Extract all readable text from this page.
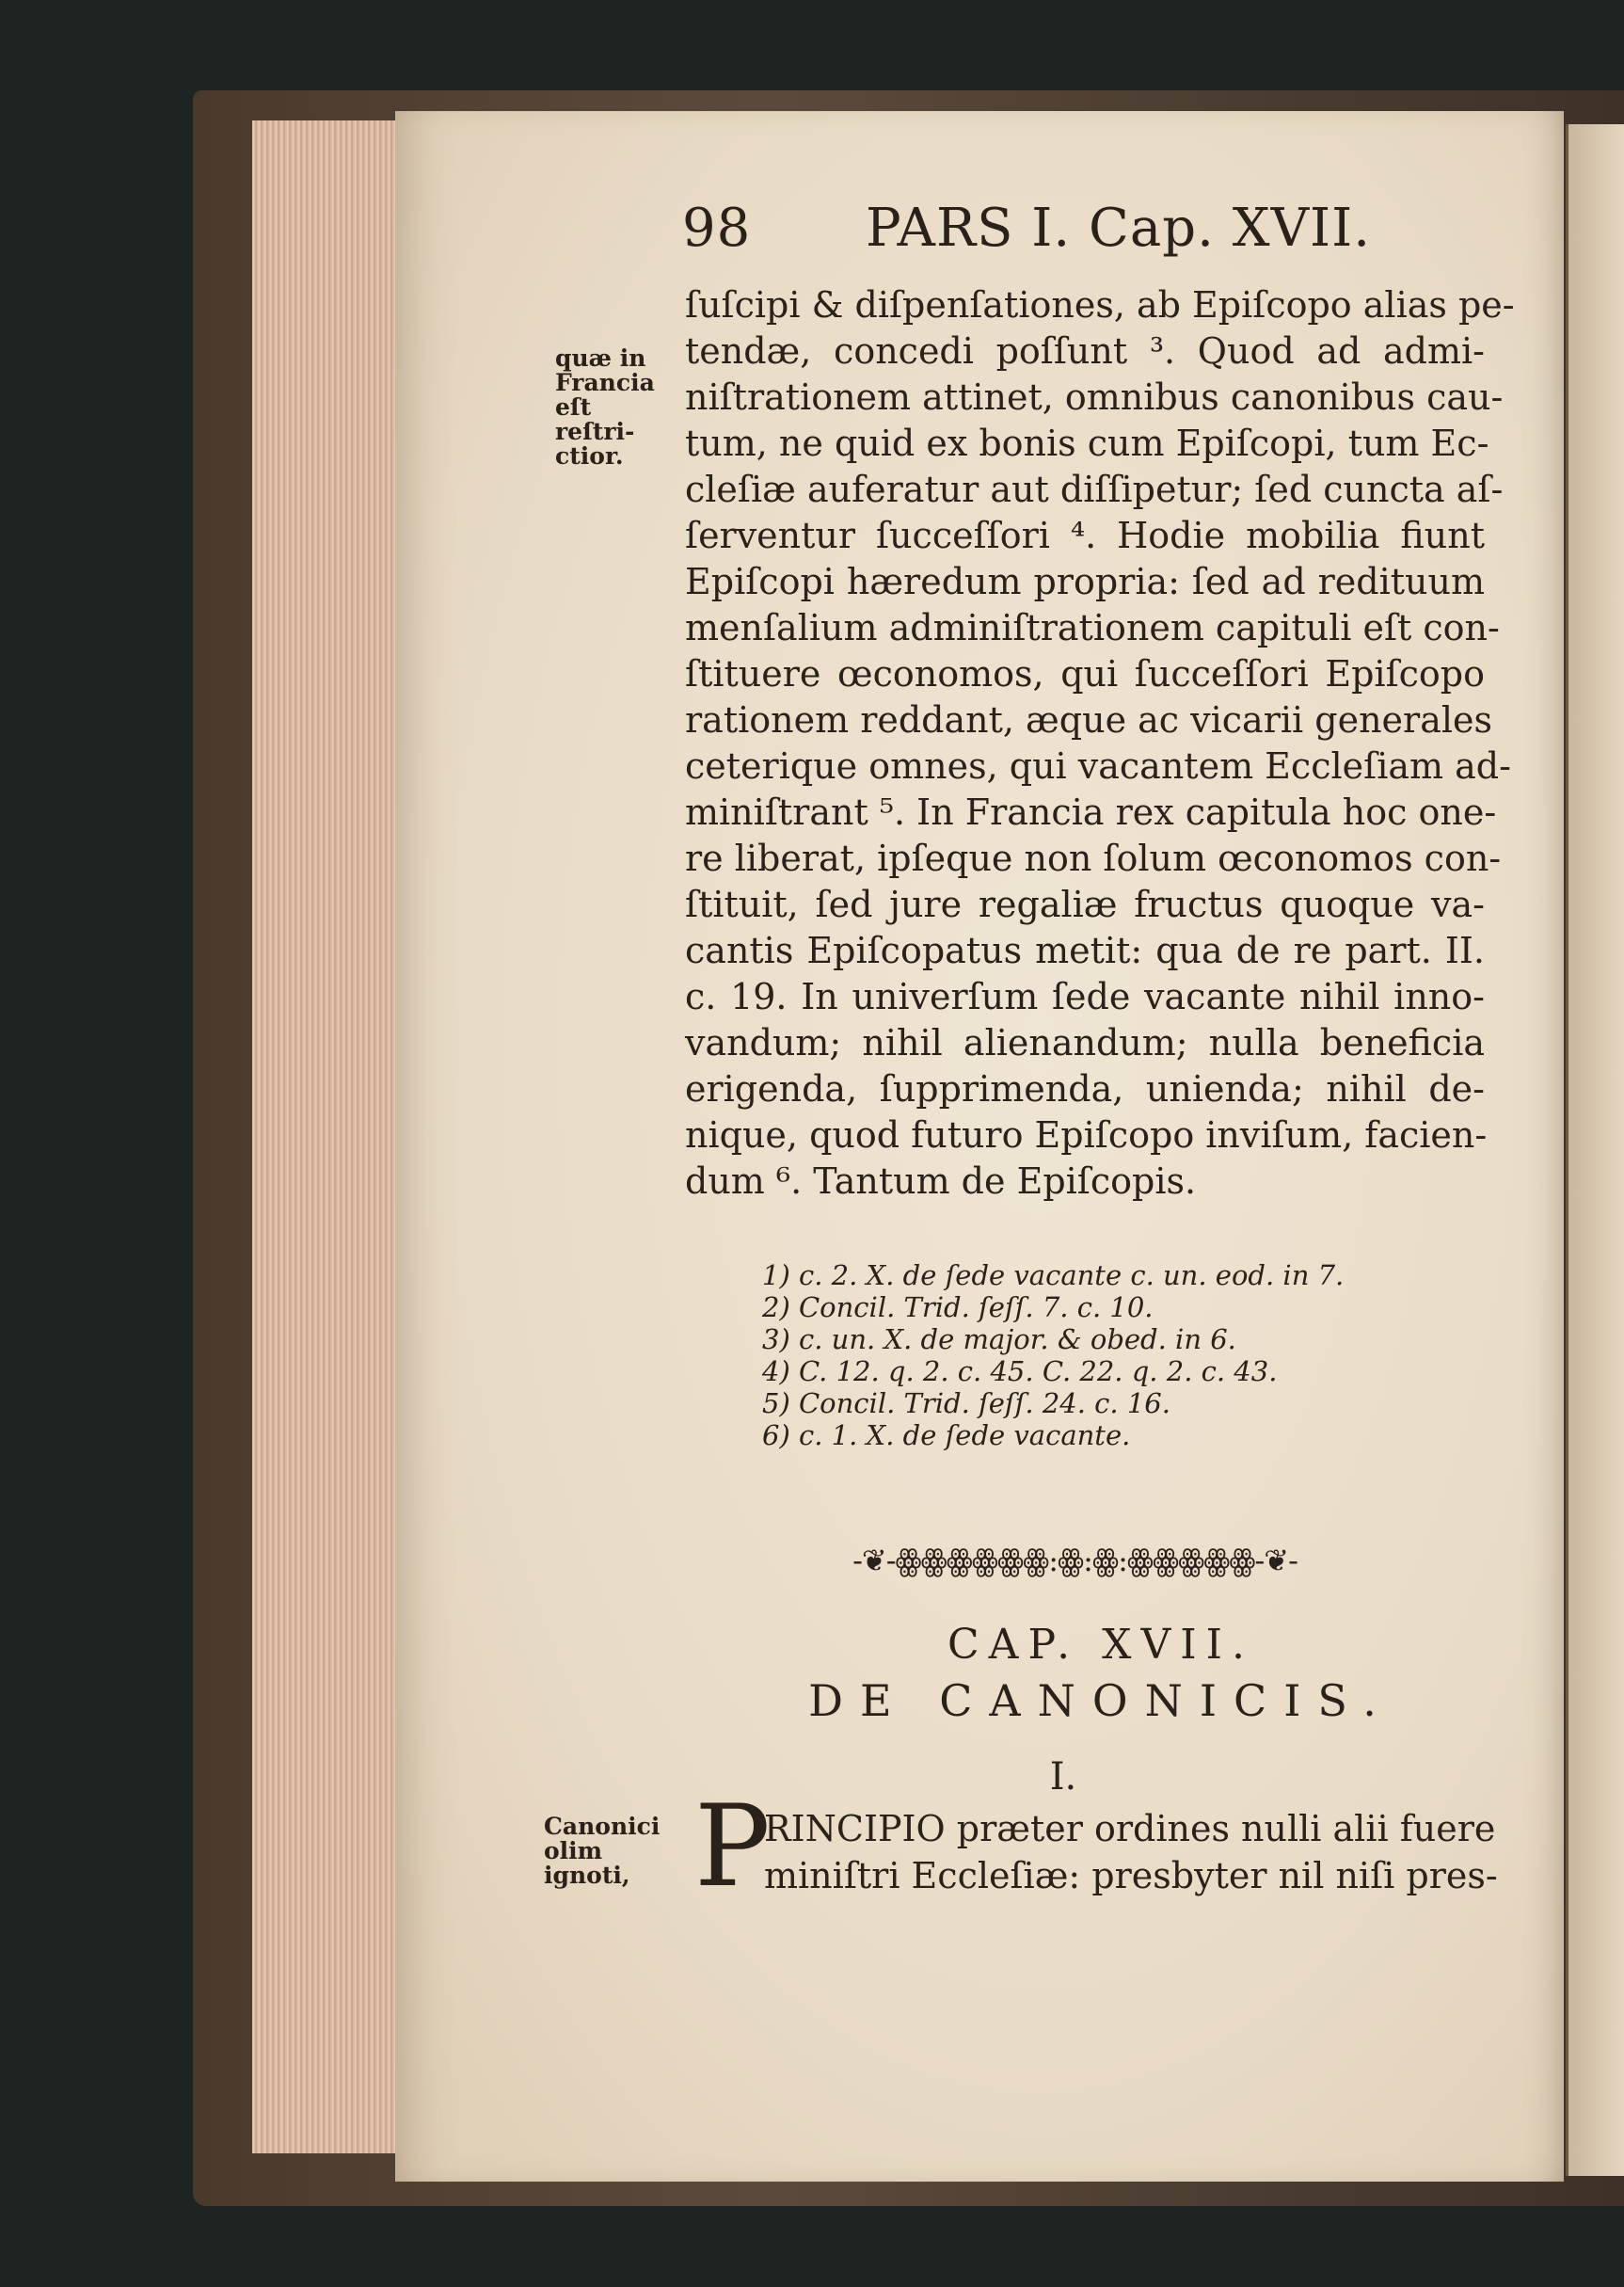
98 PARS I. Cap. XVII.
quæ in
Francia
eſt reſtri-
ctior.
ſuſcipi & diſpenſationes, ab Epiſcopo alias pe-
tendæ, concedi poſſunt ³. Quod ad admi-
niſtrationem attinet, omnibus canonibus cau-
tum, ne quid ex bonis cum Epiſcopi, tum Ec-
cleſiæ auferatur aut diſſipetur; ſed cuncta aſ-
ſerventur ſucceſſori ⁴. Hodie mobilia fiunt
Epiſcopi hæredum propria: ſed ad redituum
menſalium adminiſtrationem capituli eſt con-
ſtituere œconomos, qui ſucceſſori Epiſcopo
rationem reddant, æque ac vicarii generales
ceterique omnes, qui vacantem Eccleſiam ad-
miniſtrant ⁵. In Francia rex capitula hoc one-
re liberat, ipſeque non ſolum œconomos con-
ſtituit, ſed jure regaliæ fructus quoque va-
cantis Epiſcopatus metit: qua de re part. II.
c. 19. In univerſum ſede vacante nihil inno-
vandum; nihil alienandum; nulla beneficia
erigenda, ſupprimenda, unienda; nihil de-
nique, quod futuro Epiſcopo inviſum, facien-
dum ⁶. Tantum de Epiſcopis.
1) c. 2. X. de ſede vacante c. un. eod. in 7.
2) Concil. Trid. ſeſſ. 7. c. 10.
3) c. un. X. de major. & obed. in 6.
4) C. 12. q. 2. c. 45. C. 22. q. 2. c. 43.
5) Concil. Trid. ſeſſ. 24. c. 16.
6) c. 1. X. de ſede vacante.
-❦-ꙮꙮꙮꙮꙮꙮ:ꙮ:ꙮ:ꙮꙮꙮꙮꙮ-❦-
CAP. XVII.
DE CANONICIS.
I.
Canonici
olim
ignoti, P
RINCIPIO præter ordines nulli alii fuere
miniſtri Eccleſiæ: presbyter nil niſi pres-
